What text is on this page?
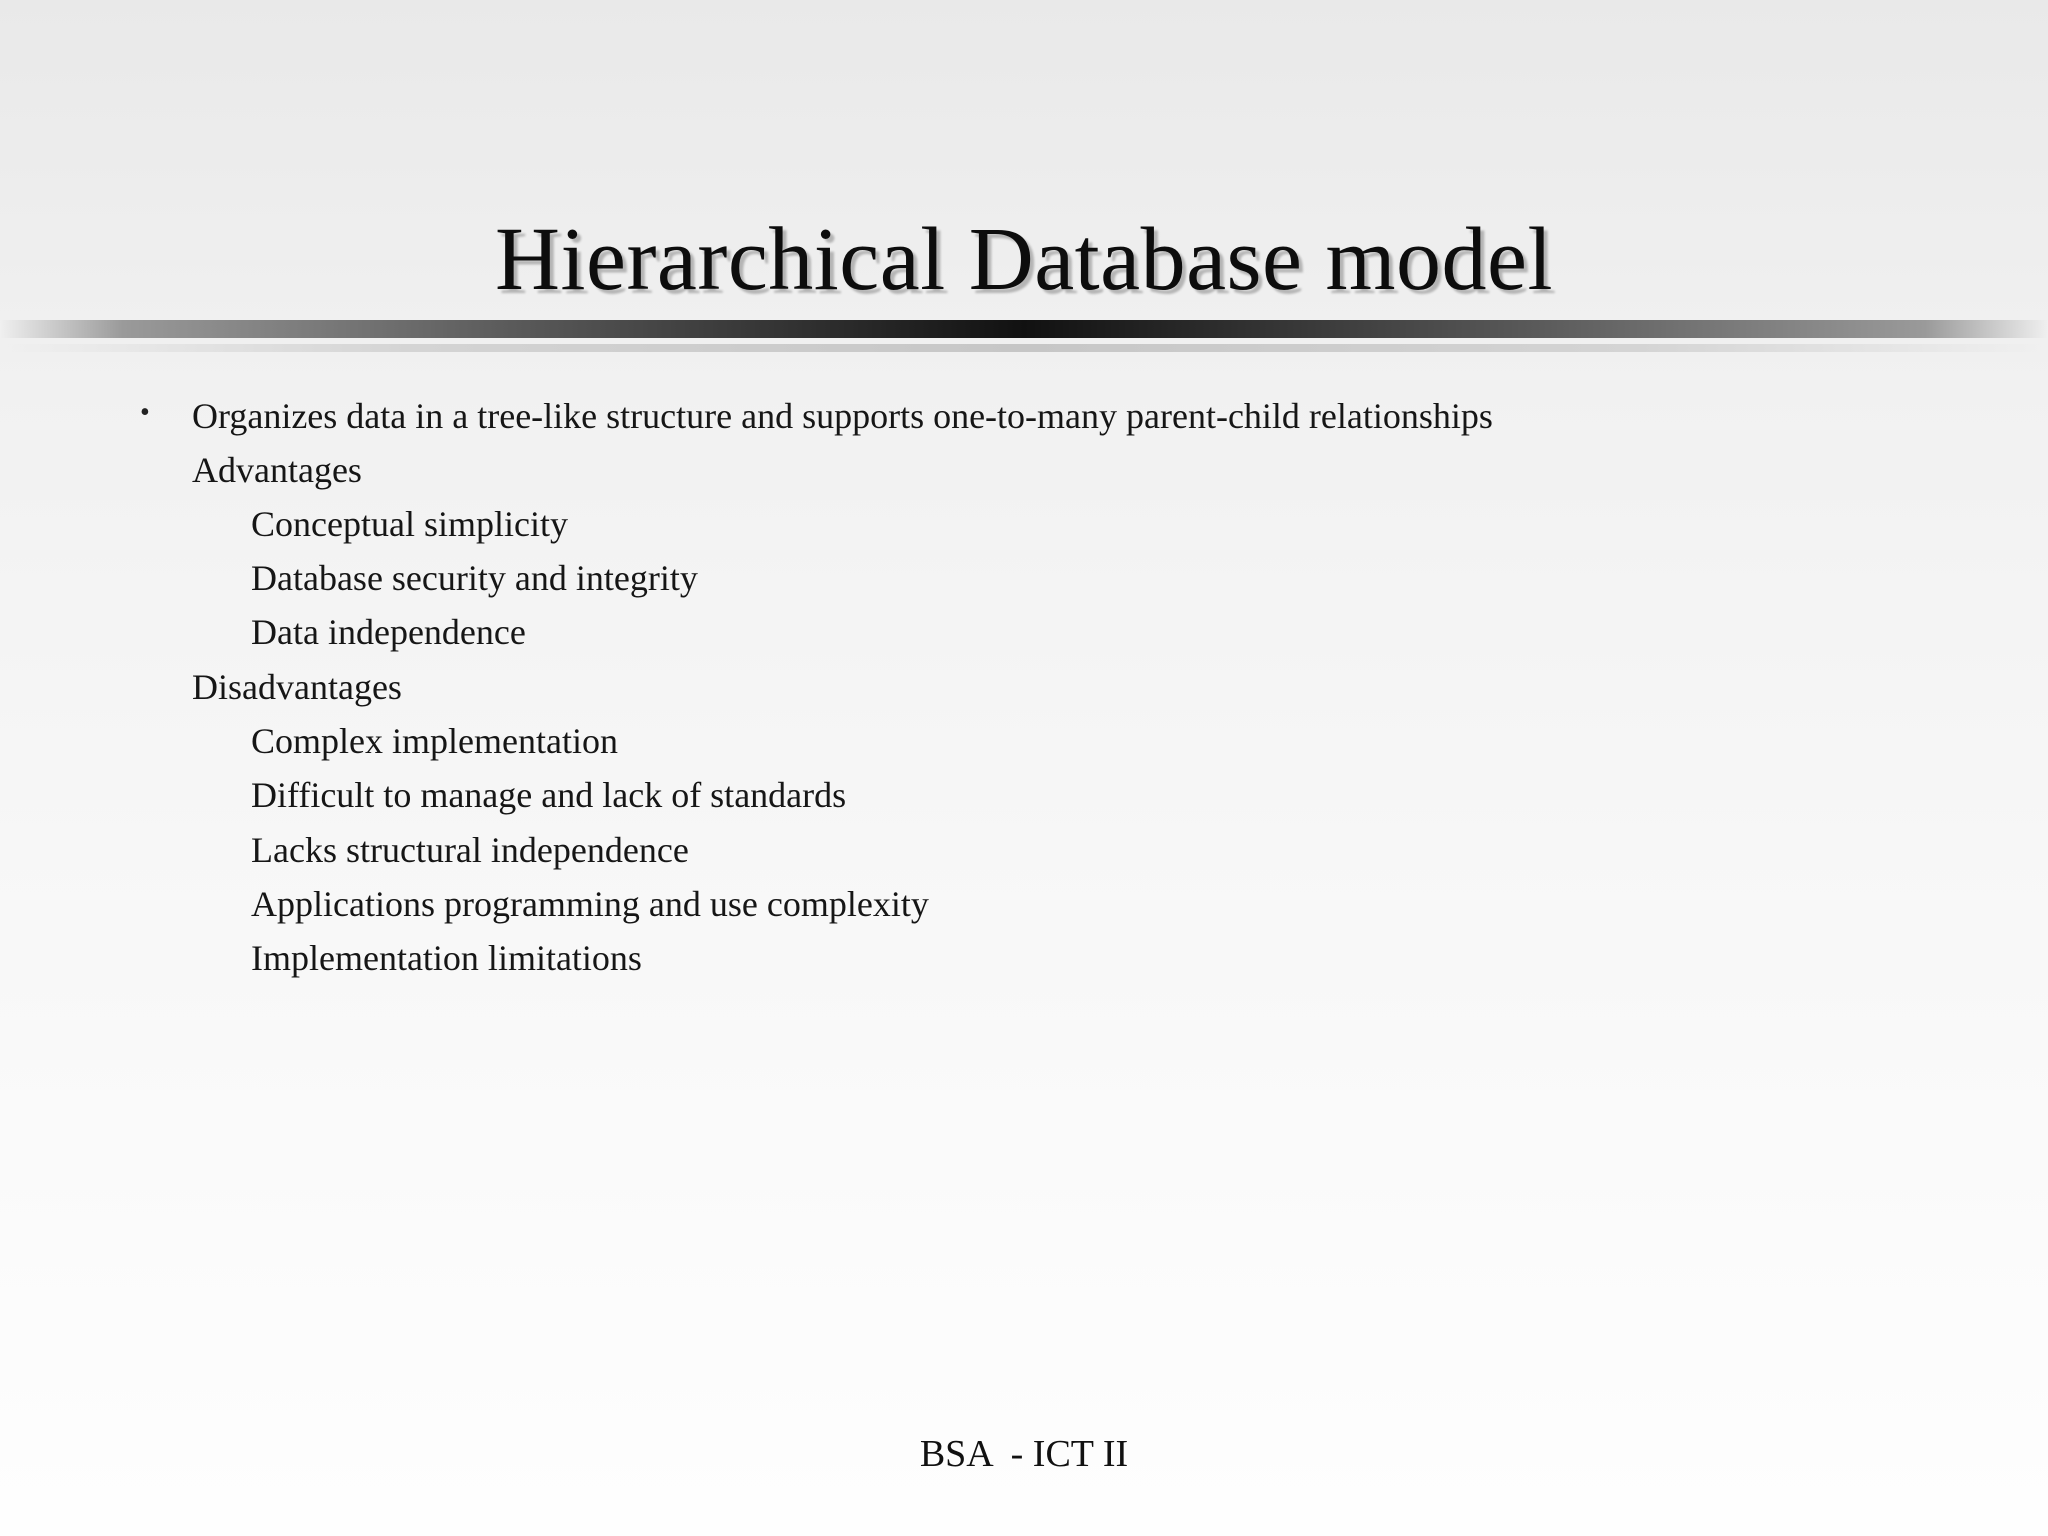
Hierarchical Database model
• Organizes data in a tree-like structure and supports one-to-many parent-child relationships
Advantages
Conceptual simplicity
Database security and integrity
Data independence
Disadvantages
Complex implementation
Difficult to manage and lack of standards
Lacks structural independence
Applications programming and use complexity
Implementation limitations
BSA  - ICT II
